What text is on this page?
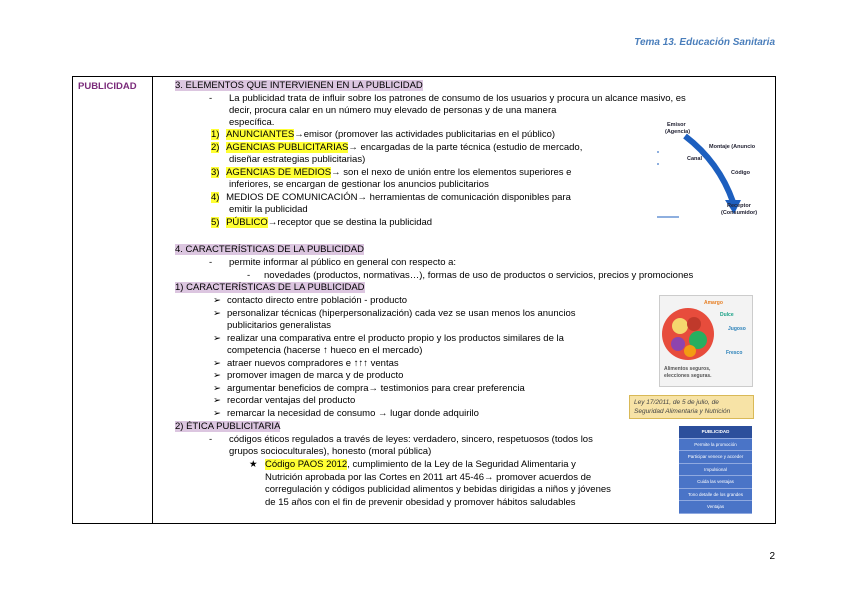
Tema 13. Educación Sanitaria
PUBLICIDAD	3. ELEMENTOS QUE INTERVIENEN EN LA PUBLICIDAD
- La publicidad trata de influir sobre los patrones de consumo de los usuarios y procura un alcance masivo, es
decir, procura calar en un número muy elevado de personas y de una manera
específica.
1) ANUNCIANTES→emisor (promover las actividades publicitarias en el público)
2) AGENCIAS PUBLICITARIAS→ encargadas de la parte técnica (estudio de mercado,
diseñar estrategias publicitarias)
3) AGENCIAS DE MEDIOS→ son el nexo de unión entre los elementos superiores e
inferiores, se encargan de gestionar los anuncios publicitarios
4) MEDIOS DE COMUNICACIÓN→ herramientas de comunicación disponibles para
emitir la publicidad
5) PÚBLICO→receptor que se destina la publicidad
Emisor
(Agencia)
Montaje (Anuncio
Canal
Código
Receptor
(Consumidor)
4. CARACTERÍSTICAS DE LA PUBLICIDAD
- permite informar al público en general con respecto a:
- novedades (productos, normativas…), formas de uso de productos o servicios, precios y promociones
1) CARACTERÍSTICAS DE LA PUBLICIDAD
➢ contacto directo entre población - producto
➢ personalizar técnicas (hiperpersonalización) cada vez se usan menos los anuncios
publicitarios generalistas
➢ realizar una comparativa entre el producto propio y los productos similares de la
competencia (hacerse ↑ hueco en el mercado)
➢ atraer nuevos compradores e ↑↑↑ ventas
➢ promover imagen de marca y de producto
➢ argumentar beneficios de compra→ testimonios para crear preferencia
➢ recordar ventajas del producto
➢ remarcar la necesidad de consumo → lugar donde adquirilo
2) ÉTICA PUBLICITARIA
- códigos éticos regulados a través de leyes: verdadero, sincero, respetuosos (todos los
grupos socioculturales), honesto (moral pública)
★ Código PAOS 2012, cumplimiento de la Ley de la Seguridad Alimentaria y
Nutrición aprobada por las Cortes en 2011 art 45-46→ promover acuerdos de
corregulación y códigos publicidad alimentos y bebidas dirigidas a niños y jóvenes
de 15 años con el fin de prevenir obesidad y promover hábitos saludables
Amargo
Dulce
Jugoso
Fresco
Alimentos seguros,
elecciones seguras.
Ley 17/2011, de 5 de julio, de
Seguridad Alimentaria y Nutrición
PUBLICIDAD
Permite la promoción
Participar venece y acceder
Impulsional
Cuida las ventajas
Tono detalle de los grandes
Ventajas
2
